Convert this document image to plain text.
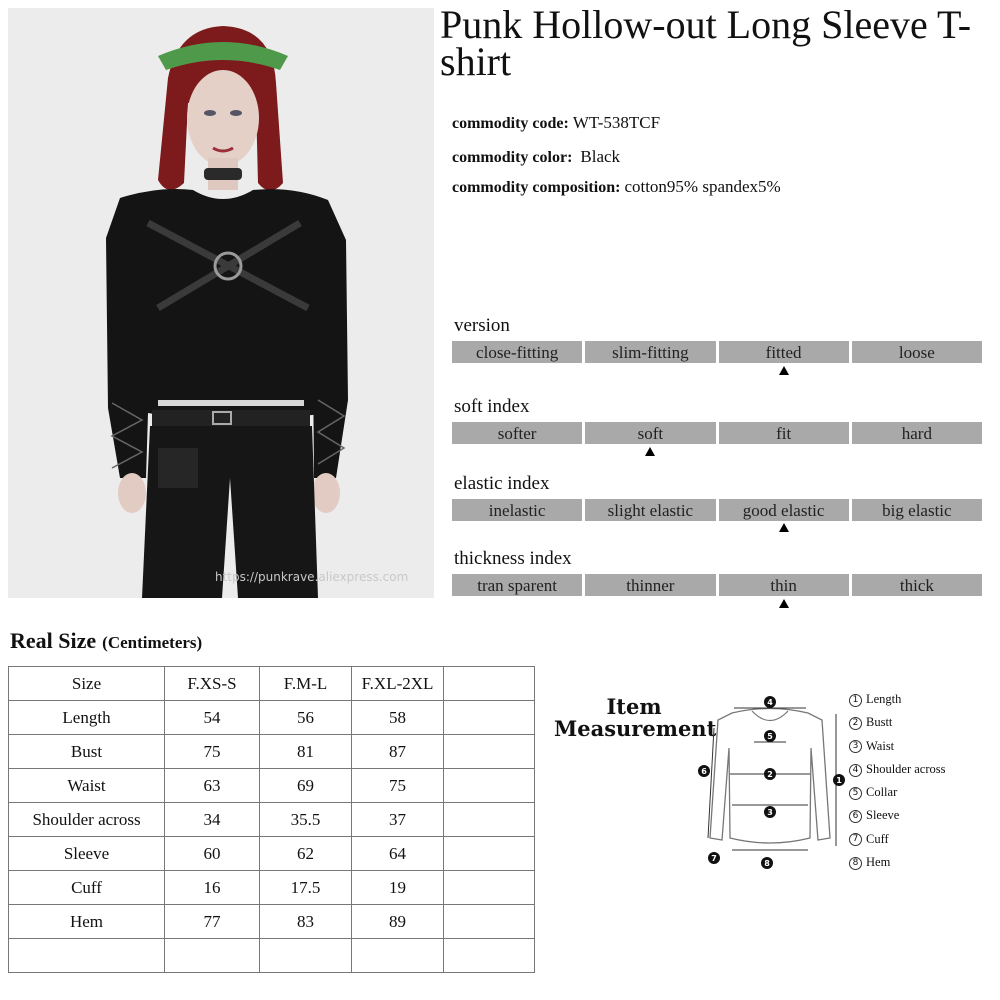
https://punkrave.aliexpress.com
Punk Hollow-out Long Sleeve T-shirt
commodity code: WT-538TCF
commodity color: Black
commodity composition: cotton95% spandex5%
version
close-fitting	slim-fitting	fitted	loose
soft index
softer	soft	fit	hard
elastic index
inelastic	slight elastic	good elastic	big elastic
thickness index
tran sparent	thinner	thin	thick
Real Size (Centimeters)
Size	F.XS-S	F.M-L	F.XL-2XL	
Length	54	56	58	
Bust	75	81	87	
Waist	63	69	75	
Shoulder across	34	35.5	37	
Sleeve	60	62	64	
Cuff	16	17.5	19	
Hem	77	83	89	

Item Measurement
4
5
2
3
1
6
7
8
1 Length
2 Bustt
3 Waist
4 Shoulder across
5 Collar
6 Sleeve
7 Cuff
8 Hem
